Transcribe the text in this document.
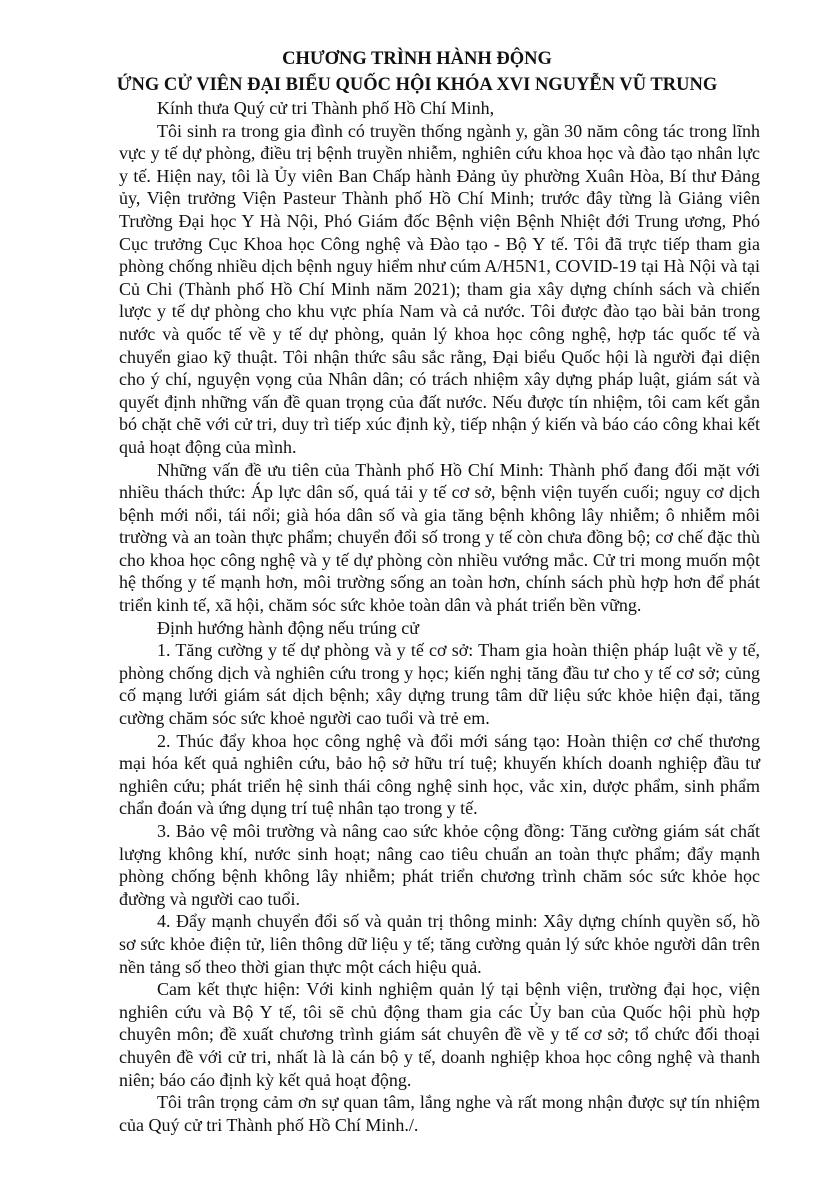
CHƯƠNG TRÌNH HÀNH ĐỘNG
ỨNG CỬ VIÊN ĐẠI BIỂU QUỐC HỘI KHÓA XVI NGUYỄN VŨ TRUNG

Kính thưa Quý cử tri Thành phố Hồ Chí Minh,

Tôi sinh ra trong gia đình có truyền thống ngành y, gần 30 năm công tác trong lĩnh vực y tế dự phòng, điều trị bệnh truyền nhiễm, nghiên cứu khoa học và đào tạo nhân lực y tế. Hiện nay, tôi là Ủy viên Ban Chấp hành Đảng ủy phường Xuân Hòa, Bí thư Đảng ủy, Viện trưởng Viện Pasteur Thành phố Hồ Chí Minh; trước đây từng là Giảng viên Trường Đại học Y Hà Nội, Phó Giám đốc Bệnh viện Bệnh Nhiệt đới Trung ương, Phó Cục trưởng Cục Khoa học Công nghệ và Đào tạo - Bộ Y tế. Tôi đã trực tiếp tham gia phòng chống nhiều dịch bệnh nguy hiểm như cúm A/H5N1, COVID-19 tại Hà Nội và tại Củ Chi (Thành phố Hồ Chí Minh năm 2021); tham gia xây dựng chính sách và chiến lược y tế dự phòng cho khu vực phía Nam và cả nước. Tôi được đào tạo bài bản trong nước và quốc tế về y tế dự phòng, quản lý khoa học công nghệ, hợp tác quốc tế và chuyển giao kỹ thuật. Tôi nhận thức sâu sắc rằng, Đại biểu Quốc hội là người đại diện cho ý chí, nguyện vọng của Nhân dân; có trách nhiệm xây dựng pháp luật, giám sát và quyết định những vấn đề quan trọng của đất nước. Nếu được tín nhiệm, tôi cam kết gắn bó chặt chẽ với cử tri, duy trì tiếp xúc định kỳ, tiếp nhận ý kiến và báo cáo công khai kết quả hoạt động của mình.

Những vấn đề ưu tiên của Thành phố Hồ Chí Minh: Thành phố đang đối mặt với nhiều thách thức: Áp lực dân số, quá tải y tế cơ sở, bệnh viện tuyến cuối; nguy cơ dịch bệnh mới nổi, tái nổi; già hóa dân số và gia tăng bệnh không lây nhiễm; ô nhiễm môi trường và an toàn thực phẩm; chuyển đổi số trong y tế còn chưa đồng bộ; cơ chế đặc thù cho khoa học công nghệ và y tế dự phòng còn nhiều vướng mắc. Cử tri mong muốn một hệ thống y tế mạnh hơn, môi trường sống an toàn hơn, chính sách phù hợp hơn để phát triển kinh tế, xã hội, chăm sóc sức khỏe toàn dân và phát triển bền vững.

Định hướng hành động nếu trúng cử

1. Tăng cường y tế dự phòng và y tế cơ sở: Tham gia hoàn thiện pháp luật về y tế, phòng chống dịch và nghiên cứu trong y học; kiến nghị tăng đầu tư cho y tế cơ sở; củng cố mạng lưới giám sát dịch bệnh; xây dựng trung tâm dữ liệu sức khỏe hiện đại, tăng cường chăm sóc sức khoẻ người cao tuổi và trẻ em.

2. Thúc đẩy khoa học công nghệ và đổi mới sáng tạo: Hoàn thiện cơ chế thương mại hóa kết quả nghiên cứu, bảo hộ sở hữu trí tuệ; khuyến khích doanh nghiệp đầu tư nghiên cứu; phát triển hệ sinh thái công nghệ sinh học, vắc xin, dược phẩm, sinh phẩm chẩn đoán và ứng dụng trí tuệ nhân tạo trong y tế.

3. Bảo vệ môi trường và nâng cao sức khỏe cộng đồng: Tăng cường giám sát chất lượng không khí, nước sinh hoạt; nâng cao tiêu chuẩn an toàn thực phẩm; đẩy mạnh phòng chống bệnh không lây nhiễm; phát triển chương trình chăm sóc sức khỏe học đường và người cao tuổi.

4. Đẩy mạnh chuyển đổi số và quản trị thông minh: Xây dựng chính quyền số, hồ sơ sức khỏe điện tử, liên thông dữ liệu y tế; tăng cường quản lý sức khỏe người dân trên nền tảng số theo thời gian thực một cách hiệu quả.

Cam kết thực hiện: Với kinh nghiệm quản lý tại bệnh viện, trường đại học, viện nghiên cứu và Bộ Y tế, tôi sẽ chủ động tham gia các Ủy ban của Quốc hội phù hợp chuyên môn; đề xuất chương trình giám sát chuyên đề về y tế cơ sở; tổ chức đối thoại chuyên đề với cử tri, nhất là là cán bộ y tế, doanh nghiệp khoa học công nghệ và thanh niên; báo cáo định kỳ kết quả hoạt động.

Tôi trân trọng cảm ơn sự quan tâm, lắng nghe và rất mong nhận được sự tín nhiệm của Quý cử tri Thành phố Hồ Chí Minh./.
